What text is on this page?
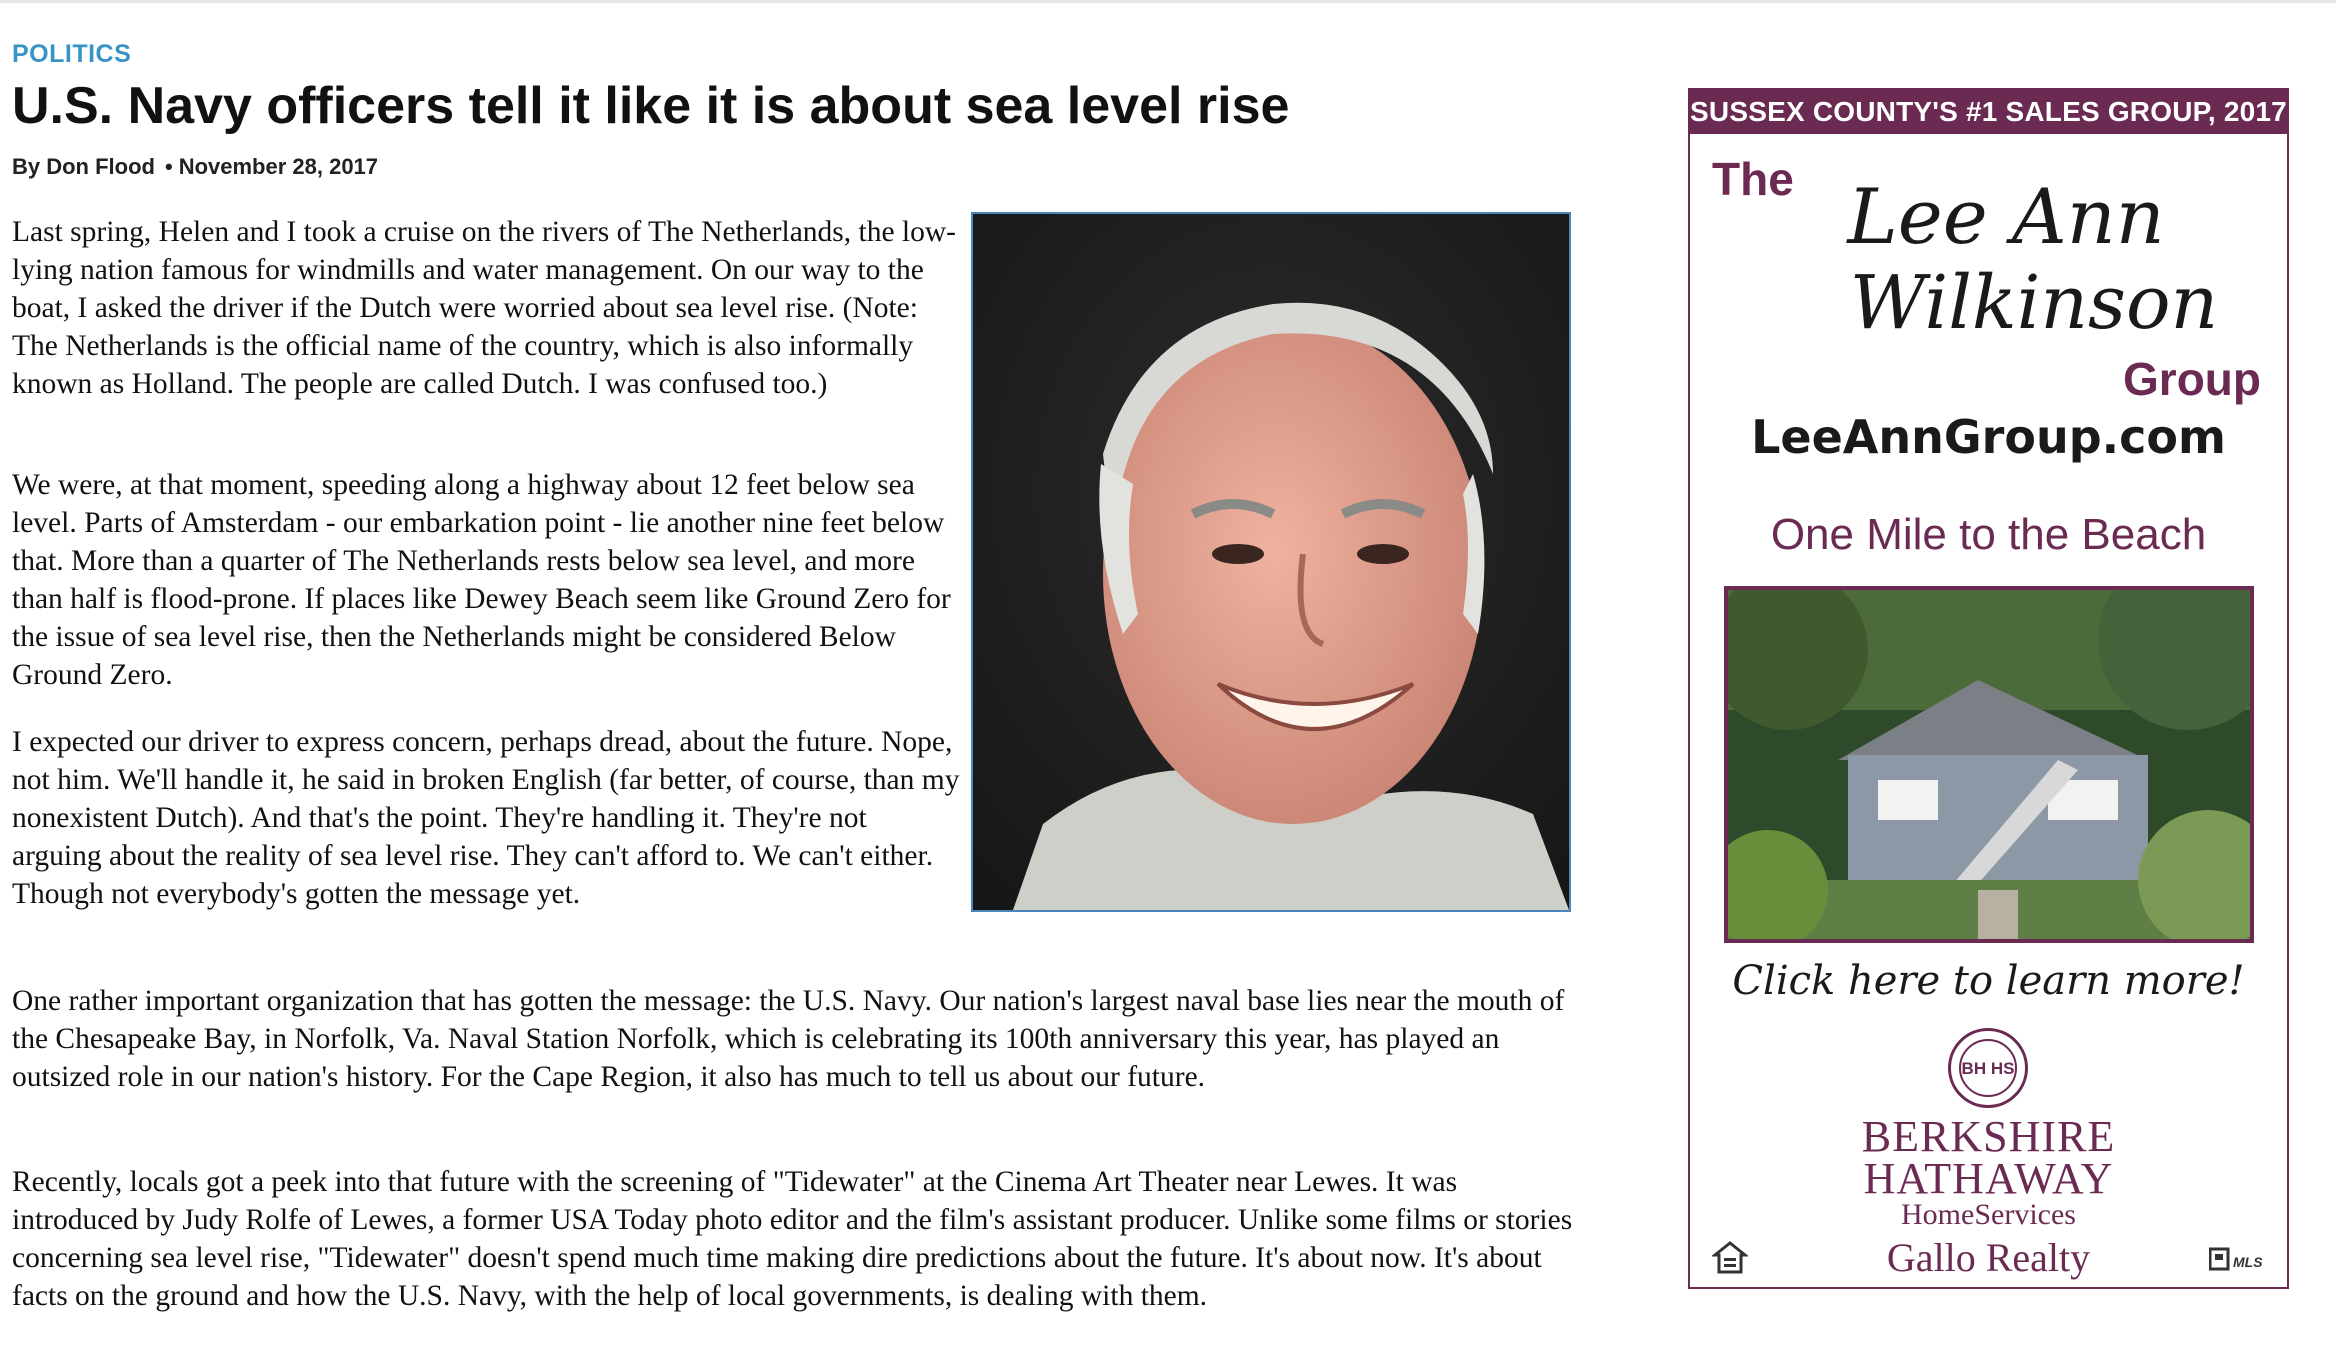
POLITICS
U.S. Navy officers tell it like it is about sea level rise
By Don Flood • November 28, 2017

Last spring, Helen and I took a cruise on the rivers of The Netherlands, the low-lying nation famous for windmills and water management. On our way to the boat, I asked the driver if the Dutch were worried about sea level rise. (Note: The Netherlands is the official name of the country, which is also informally known as Holland. The people are called Dutch. I was confused too.)

We were, at that moment, speeding along a highway about 12 feet below sea level. Parts of Amsterdam - our embarkation point - lie another nine feet below that. More than a quarter of The Netherlands rests below sea level, and more than half is flood-prone. If places like Dewey Beach seem like Ground Zero for the issue of sea level rise, then the Netherlands might be considered Below Ground Zero.

I expected our driver to express concern, perhaps dread, about the future. Nope, not him. We'll handle it, he said in broken English (far better, of course, than my nonexistent Dutch). And that's the point. They're handling it. They're not arguing about the reality of sea level rise. They can't afford to. We can't either. Though not everybody's gotten the message yet.

One rather important organization that has gotten the message: the U.S. Navy. Our nation's largest naval base lies near the mouth of the Chesapeake Bay, in Norfolk, Va. Naval Station Norfolk, which is celebrating its 100th anniversary this year, has played an outsized role in our nation's history. For the Cape Region, it also has much to tell us about our future.

Recently, locals got a peek into that future with the screening of "Tidewater" at the Cinema Art Theater near Lewes. It was introduced by Judy Rolfe of Lewes, a former USA Today photo editor and the film's assistant producer. Unlike some films or stories concerning sea level rise, "Tidewater" doesn't spend much time making dire predictions about the future. It's about now. It's about facts on the ground and how the U.S. Navy, with the help of local governments, is dealing with them.

SUSSEX COUNTY'S #1 SALES GROUP, 2017
The Lee Ann
Wilkinson
Group
LeeAnnGroup.com
One Mile to the Beach
Click here to learn more!
BH HS
BERKSHIRE
HATHAWAY
HomeServices
Gallo Realty	MLS
